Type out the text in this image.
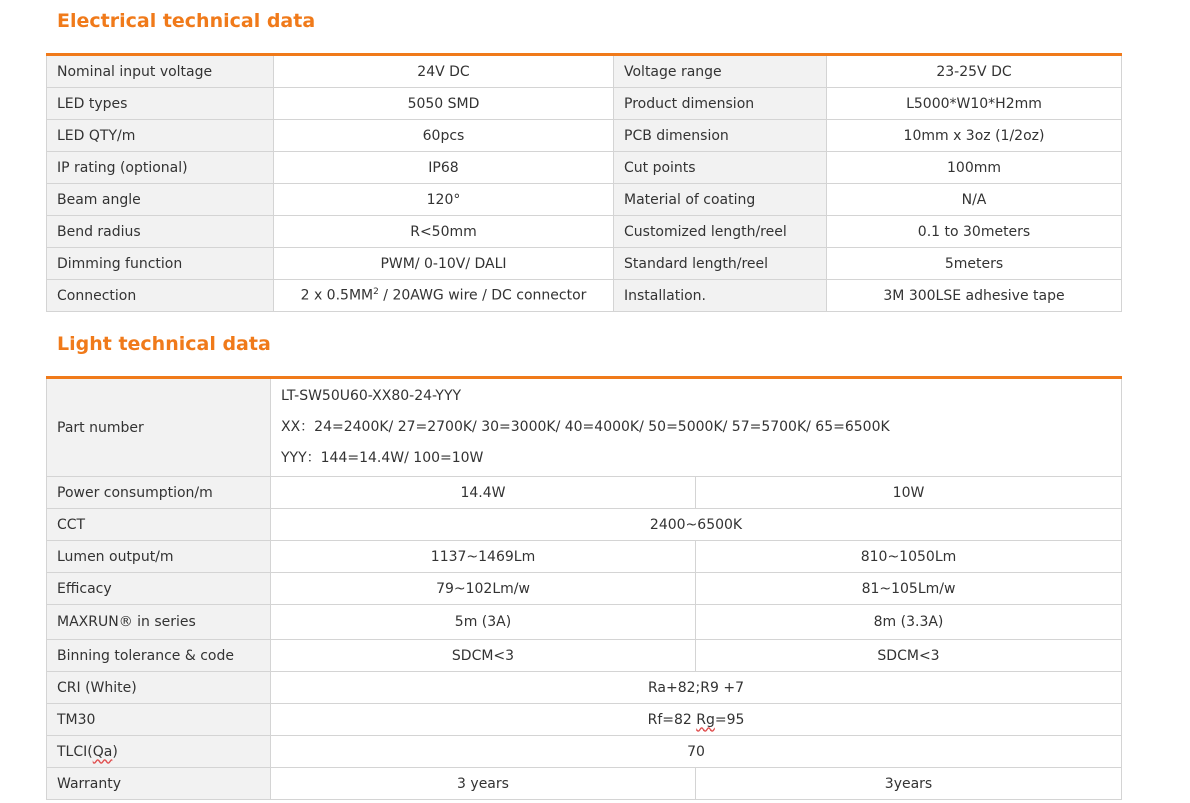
Electrical technical data
Nominal input voltage	24V DC	Voltage range	23-25V DC
LED types	5050 SMD	Product dimension	L5000*W10*H2mm
LED QTY/m	60pcs	PCB dimension	10mm x 3oz (1/2oz)
IP rating (optional)	IP68	Cut points	100mm
Beam angle	120°	Material of coating	N/A
Bend radius	R<50mm	Customized length/reel	0.1 to 30meters
Dimming function	PWM/ 0-10V/ DALI	Standard length/reel	5meters
Connection	2 x $0.5MM^2 / 20AWG$ wire / DC connector	Installation.	3M 300LSE adhesive tape
Light technical data
Part number	LT-SW50U60-XX80-24-YYY
XX：24=2400K/ 27=2700K/ 30=3000K/ 40=4000K/ 50=5000K/ 57=5700K/ 65=6500K
YYY：144=14.4W/ 100=10W	

Power consumption/m	14.4W	10W
CCT	2400~6500K	
Lumen output/m	1137~1469Lm	810~1050Lm
Efficacy	79~102Lm/w	81~105Lm/w
MAXRUN® in series	5m (3A)	8m (3.3A)
Binning tolerance & code	SDCM<3	SDCM<3
CRI (White)	Ra+82;R9 +7	
TM30	Rf=82 Rg=95	
TLCI(Qa)	70	
Warranty	3 years	3years
